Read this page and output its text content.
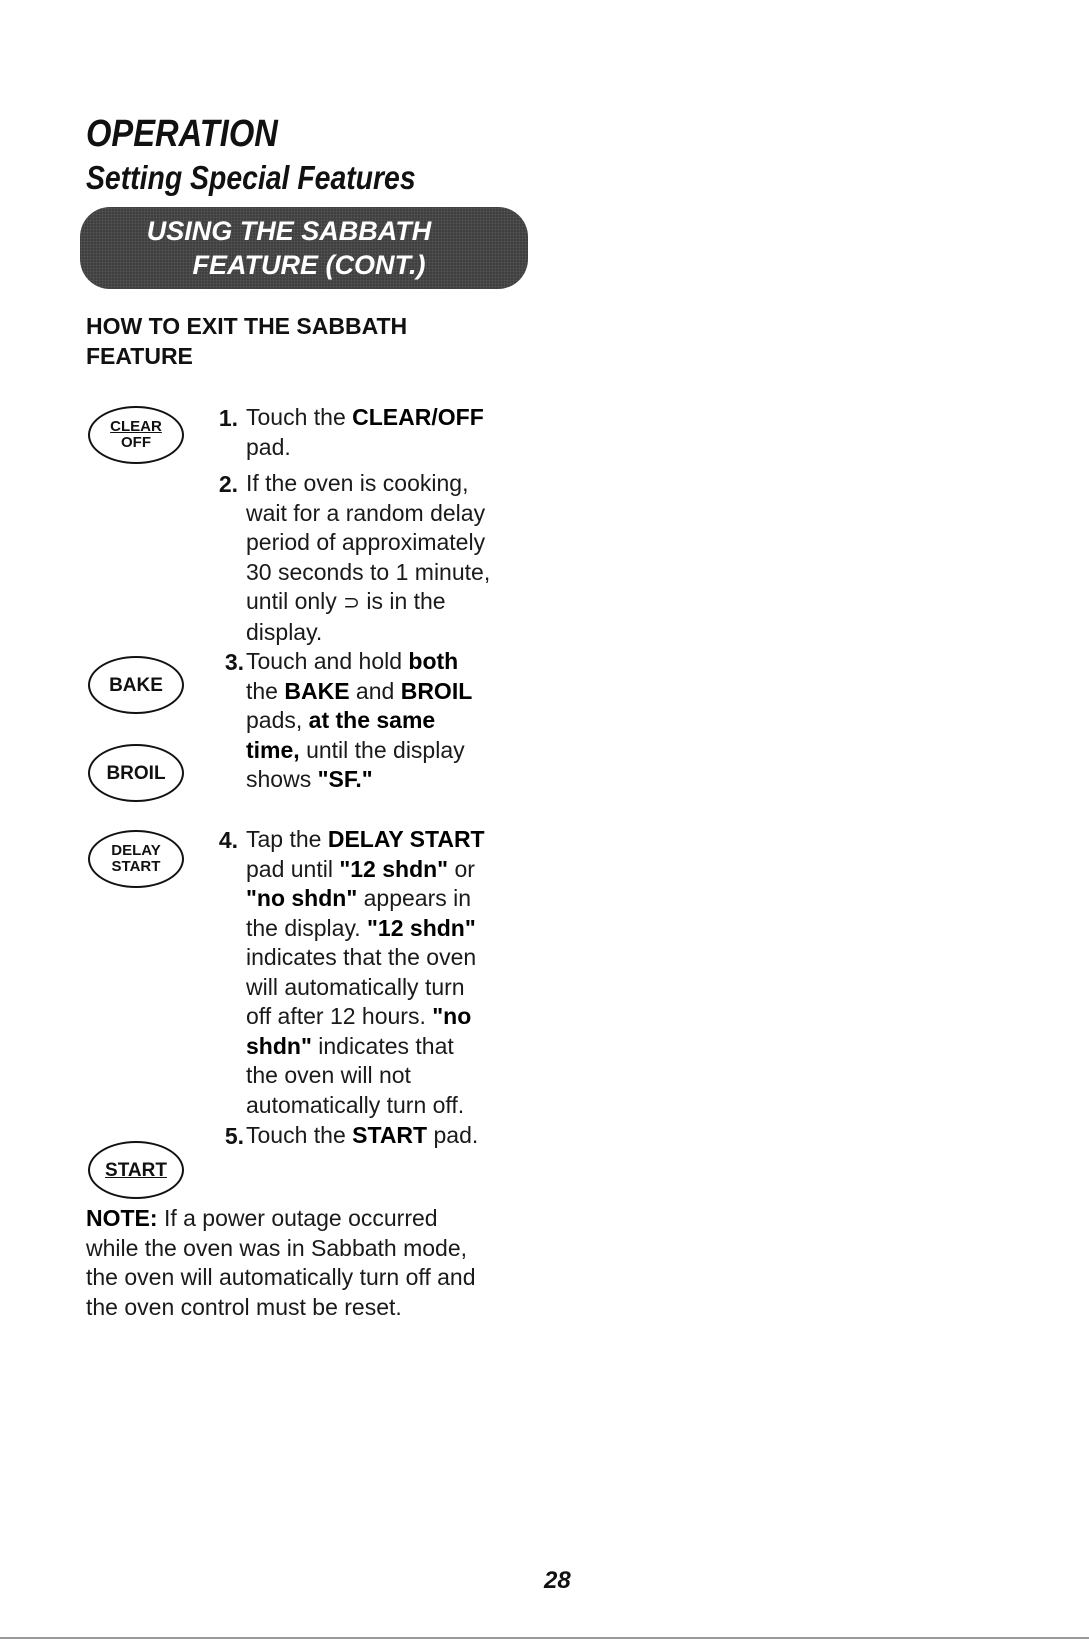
OPERATION
Setting Special Features
USING THE SABBATH
FEATURE (CONT.)
HOW TO EXIT THE SABBATH
FEATURE
CLEAR
OFF
BAKE
BROIL
DELAY
START
START
1. Touch the CLEAR/OFF
pad.
2. If the oven is cooking,
wait for a random delay
period of approximately
30 seconds to 1 minute,
until only ⊃ is in the
display.
3. Touch and hold both
the BAKE and BROIL
pads, at the same
time, until the display
shows "SF."
4. Tap the DELAY START
pad until "12 shdn" or
"no shdn" appears in
the display. "12 shdn"
indicates that the oven
will automatically turn
off after 12 hours. "no
shdn" indicates that
the oven will not
automatically turn off.
5. Touch the START pad.
NOTE: If a power outage occurred
while the oven was in Sabbath mode,
the oven will automatically turn off and
the oven control must be reset.
28
